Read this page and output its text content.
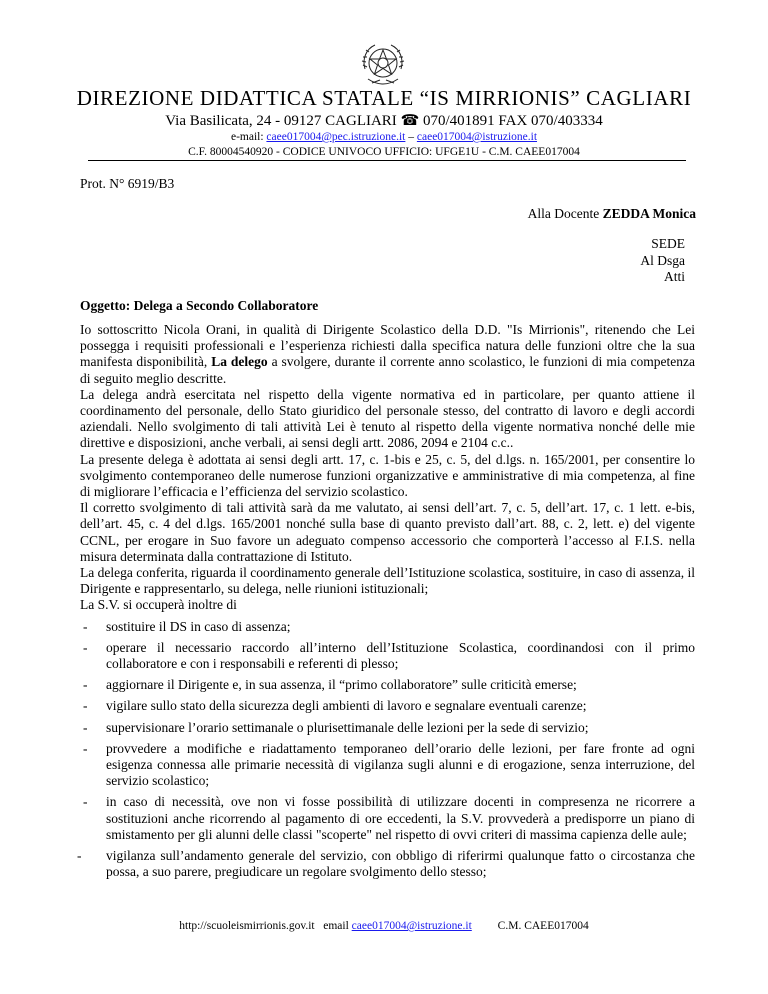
DIREZIONE DIDATTICA STATALE “IS MIRRIONIS” CAGLIARI
Via Basilicata, 24 - 09127 CAGLIARI ☎ 070/401891 FAX 070/403334
e-mail: caee017004@pec.istruzione.it – caee017004@istruzione.it
C.F. 80004540920 - CODICE UNIVOCO UFFICIO: UFGE1U - C.M. CAEE017004
Prot. N° 6919/B3
Alla Docente ZEDDA Monica
SEDE
Al Dsga
Atti
Oggetto: Delega a Secondo Collaboratore

Io sottoscritto Nicola Orani, in qualità di Dirigente Scolastico della D.D. "Is Mirrionis", ritenendo che Lei possegga i requisiti professionali e l’esperienza richiesti dalla specifica natura delle funzioni oltre che la sua manifesta disponibilità, La delego a svolgere, durante il corrente anno scolastico, le funzioni di mia competenza di seguito meglio descritte.

La delega andrà esercitata nel rispetto della vigente normativa ed in particolare, per quanto attiene il coordinamento del personale, dello Stato giuridico del personale stesso, del contratto di lavoro e degli accordi aziendali. Nello svolgimento di tali attività Lei è tenuto al rispetto della vigente normativa nonché delle mie direttive e disposizioni, anche verbali, ai sensi degli artt. 2086, 2094 e 2104 c.c..

La presente delega è adottata ai sensi degli artt. 17, c. 1-bis e 25, c. 5, del d.lgs. n. 165/2001, per consentire lo svolgimento contemporaneo delle numerose funzioni organizzative e amministrative di mia competenza, al fine di migliorare l’efficacia e l’efficienza del servizio scolastico.

Il corretto svolgimento di tali attività sarà da me valutato, ai sensi dell’art. 7, c. 5, dell’art. 17, c. 1 lett. e-bis, dell’art. 45, c. 4 del d.lgs. 165/2001 nonché sulla base di quanto previsto dall’art. 88, c. 2, lett. e) del vigente CCNL, per erogare in Suo favore un adeguato compenso accessorio che comporterà l’accesso al F.I.S. nella misura determinata dalla contrattazione di Istituto.

La delega conferita, riguarda il coordinamento generale dell’Istituzione scolastica, sostituire, in caso di assenza, il Dirigente e rappresentarlo, su delega, nelle riunioni istituzionali;

La S.V. si occuperà inoltre di

- sostituire il DS in caso di assenza;
- operare il necessario raccordo all’interno dell’Istituzione Scolastica, coordinandosi con il primo collaboratore e con i responsabili e referenti di plesso;
- aggiornare il Dirigente e, in sua assenza, il “primo collaboratore” sulle criticità emerse;
- vigilare sullo stato della sicurezza degli ambienti di lavoro e segnalare eventuali carenze;
- supervisionare l’orario settimanale o plurisettimanale delle lezioni per la sede di servizio;
- provvedere a modifiche e riadattamento temporaneo dell’orario delle lezioni, per fare fronte ad ogni esigenza connessa alle primarie necessità di vigilanza sugli alunni e di erogazione, senza interruzione, del servizio scolastico;
- in caso di necessità, ove non vi fosse possibilità di utilizzare docenti in compresenza ne ricorrere a sostituzioni anche ricorrendo al pagamento di ore eccedenti, la S.V. provvederà a predisporre un piano di smistamento per gli alunni delle classi "scoperte" nel rispetto di ovvi criteri di massima capienza delle aule;
- vigilanza sull’andamento generale del servizio, con obbligo di riferirmi qualunque fatto o circostanza che possa, a suo parere, pregiudicare un regolare svolgimento dello stesso;
http://scuoleismirrionis.gov.it   email caee017004@istruzione.it         C.M. CAEE017004
